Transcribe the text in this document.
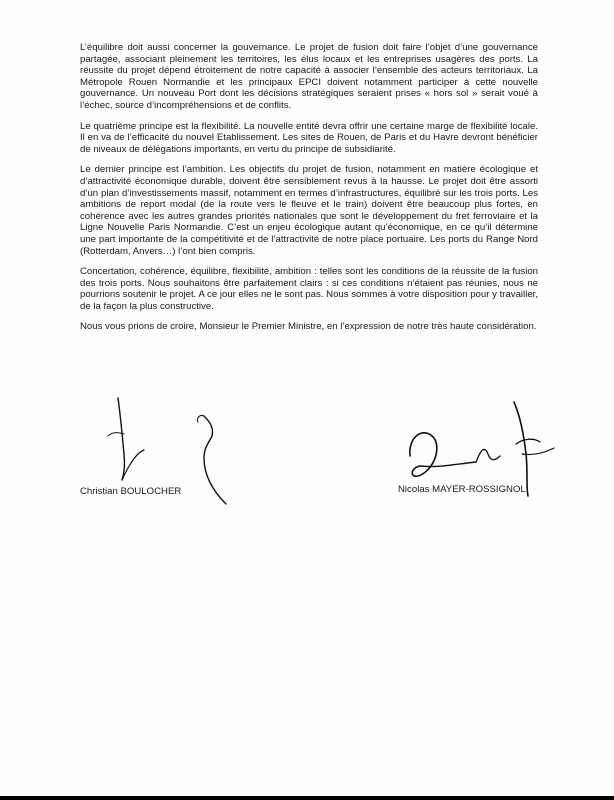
L’équilibre doit aussi concerner la gouvernance. Le projet de fusion doit faire l’objet d’une gouvernance partagée, associant pleinement les territoires, les élus locaux et les entreprises usagères des ports. La réussite du projet dépend étroitement de notre capacité à associer l’ensemble des acteurs territoriaux. La Métropole Rouen Normandie et les principaux EPCI doivent notamment participer à cette nouvelle gouvernance. Un nouveau Port dont les décisions stratégiques seraient prises « hors sol » serait voué à l’échec, source d’incompréhensions et de conflits.

Le quatrième principe est la flexibilité. La nouvelle entité devra offrir une certaine marge de flexibilité locale. Il en va de l’efficacité du nouvel Etablissement. Les sites de Rouen, de Paris et du Havre devront bénéficier de niveaux de délégations importants, en vertu du principe de subsidiarité.

Le dernier principe est l’ambition. Les objectifs du projet de fusion, notamment en matière écologique et d’attractivité économique durable, doivent être sensiblement revus à la hausse. Le projet doit être assorti d’un plan d’investissements massif, notamment en termes d’infrastructures, équilibré sur les trois ports. Les ambitions de report modal (de la route vers le fleuve et le train) doivent être beaucoup plus fortes, en cohérence avec les autres grandes priorités nationales que sont le développement du fret ferroviaire et la Ligne Nouvelle Paris Normandie. C’est un enjeu écologique autant qu’économique, en ce qu’il détermine une part importante de la compétitivité et de l’attractivité de notre place portuaire. Les ports du Range Nord (Rotterdam, Anvers…) l’ont bien compris.

Concertation, cohérence, équilibre, flexibilité, ambition : telles sont les conditions de la réussite de la fusion des trois ports. Nous souhaitons être parfaitement clairs : si ces conditions n’étaient pas réunies, nous ne pourrions soutenir le projet. A ce jour elles ne le sont pas. Nous sommes à votre disposition pour y travailler, de la façon la plus constructive.

Nous vous prions de croire, Monsieur le Premier Ministre, en l’expression de notre très haute considération.

Christian BOULOCHER	Nicolas MAYER-ROSSIGNOL
